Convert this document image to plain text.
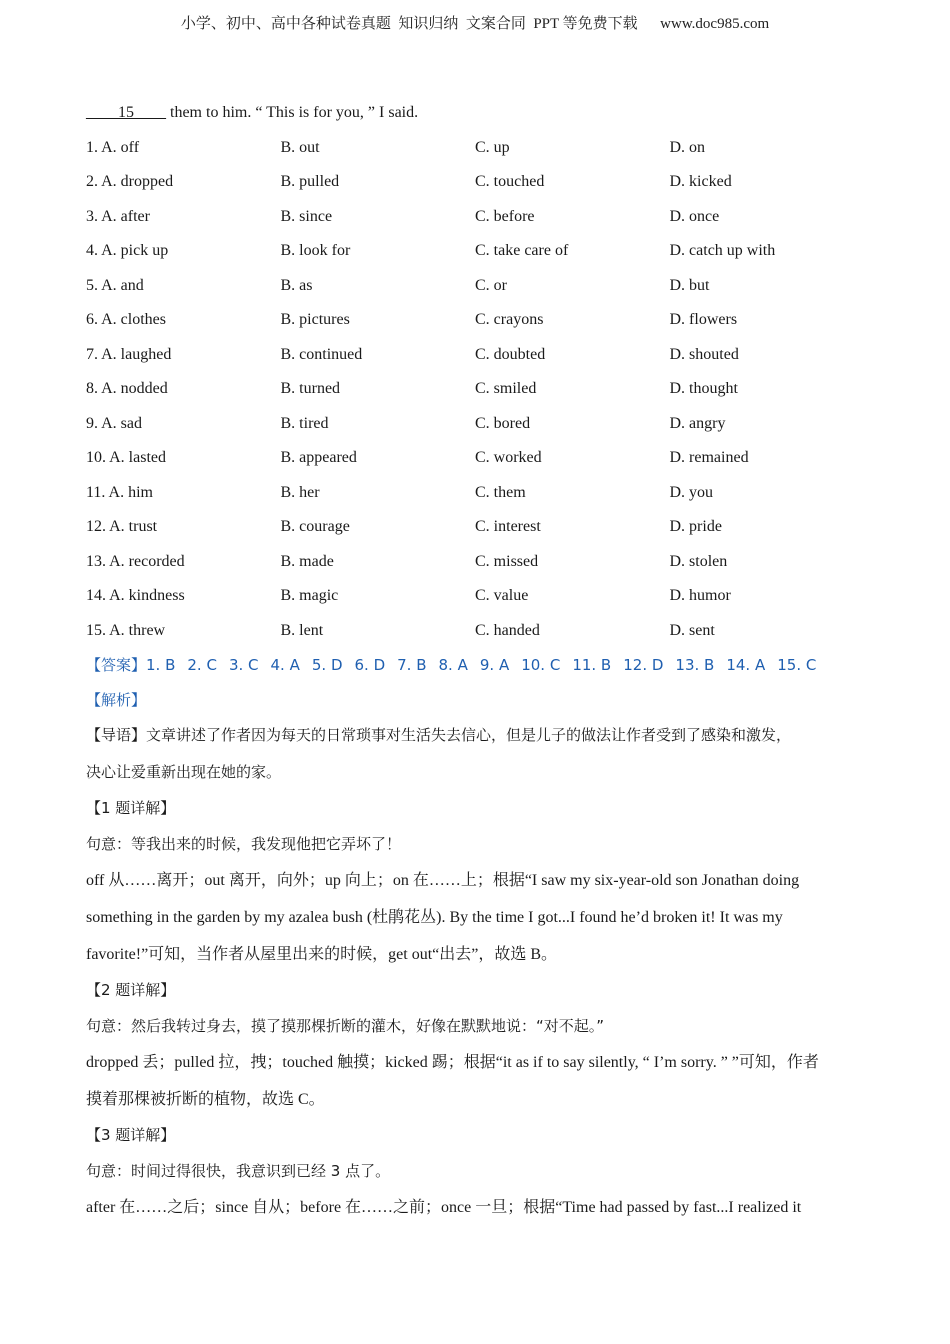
小学、初中、高中各种试卷真题  知识归纳  文案合同  PPT 等免费下载      www.doc985.com
____15____ them to him. “ This is for you, ” I said.
1. A. off	B. out	C. up	D. on
2. A. dropped	B. pulled	C. touched	D. kicked
3. A. after	B. since	C. before	D. once
4. A. pick up	B. look for	C. take care of	D. catch up with
5. A. and	B. as	C. or	D. but
6. A. clothes	B. pictures	C. crayons	D. flowers
7. A. laughed	B. continued	C. doubted	D. shouted
8. A. nodded	B. turned	C. smiled	D. thought
9. A. sad	B. tired	C. bored	D. angry
10. A. lasted	B. appeared	C. worked	D. remained
11. A. him	B. her	C. them	D. you
12. A. trust	B. courage	C. interest	D. pride
13. A. recorded	B. made	C. missed	D. stolen
14. A. kindness	B. magic	C. value	D. humor
15. A. threw	B. lent	C. handed	D. sent
【答案】1. B 2. C 3. C 4. A 5. D 6. D 7. B 8. A 9. A 10. C 11. B 12. D 13. B 14. A 15. C
【解析】
【导语】文章讲述了作者因为每天的日常琐事对生活失去信心，但是儿子的做法让作者受到了感染和激发，
决心让爱重新出现在她的家。
【1 题详解】
句意：等我出来的时候，我发现他把它弄坏了！
off 从……离开；out 离开，向外；up 向上；on 在……上；根据“I saw my six-year-old son Jonathan doing
something in the garden by my azalea bush (杜鹃花丛). By the time I got...I found he’d broken it! It was my
favorite!”可知，当作者从屋里出来的时候，get out“出去”，故选 B。
【2 题详解】
句意：然后我转过身去，摸了摸那棵折断的灌木，好像在默默地说：“对不起。”
dropped 丢；pulled 拉，拽；touched 触摸；kicked 踢；根据“it as if to say silently, “ I’m sorry. ” ”可知，作者
摸着那棵被折断的植物，故选 C。
【3 题详解】
句意：时间过得很快，我意识到已经 3 点了。
after 在……之后；since 自从；before 在……之前；once 一旦；根据“Time had passed by fast...I realized it
